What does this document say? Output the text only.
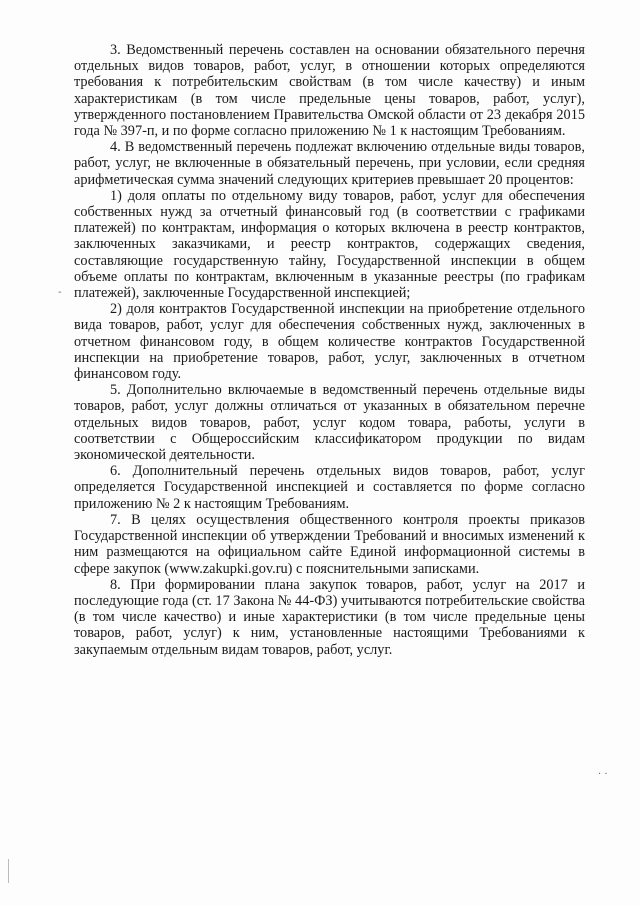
3. Ведомственный перечень составлен на основании обязательного перечня отдельных видов товаров, работ, услуг, в отношении которых определяются требования к потребительским свойствам (в том числе качеству) и иным характеристикам (в том числе предельные цены товаров, работ, услуг), утвержденного постановлением Правительства Омской области от 23 декабря 2015 года № 397-п, и по форме согласно приложению № 1 к настоящим Требованиям.

4. В ведомственный перечень подлежат включению отдельные виды товаров, работ, услуг, не включенные в обязательный перечень, при условии, если средняя арифметическая сумма значений следующих критериев превышает 20 процентов:

1) доля оплаты по отдельному виду товаров, работ, услуг для обеспечения собственных нужд за отчетный финансовый год (в соответствии с графиками платежей) по контрактам, информация о которых включена в реестр контрактов, заключенных заказчиками, и реестр контрактов, содержащих сведения, составляющие государственную тайну, Государственной инспекции в общем объеме оплаты по контрактам, включенным в указанные реестры (по графикам платежей), заключенные Государственной инспекцией;

2) доля контрактов Государственной инспекции на приобретение отдельного вида товаров, работ, услуг для обеспечения собственных нужд, заключенных в отчетном финансовом году, в общем количестве контрактов Государственной инспекции на приобретение товаров, работ, услуг, заключенных в отчетном финансовом году.

5. Дополнительно включаемые в ведомственный перечень отдельные виды товаров, работ, услуг должны отличаться от указанных в обязательном перечне отдельных видов товаров, работ, услуг кодом товара, работы, услуги в соответствии с Общероссийским классификатором продукции по видам экономической деятельности.

6. Дополнительный перечень отдельных видов товаров, работ, услуг определяется Государственной инспекцией и составляется по форме согласно приложению № 2 к настоящим Требованиям.

7. В целях осуществления общественного контроля проекты приказов Государственной инспекции об утверждении Требований и вносимых изменений к ним размещаются на официальном сайте Единой информационной системы в сфере закупок (www.zakupki.gov.ru) с пояснительными записками.

8. При формировании плана закупок товаров, работ, услуг на 2017 и последующие года (ст. 17 Закона № 44-ФЗ) учитываются потребительские свойства (в том числе качество) и иные характеристики (в том числе предельные цены товаров, работ, услуг) к ним, установленные настоящими Требованиями к закупаемым отдельным видам товаров, работ, услуг.

-
· ·
